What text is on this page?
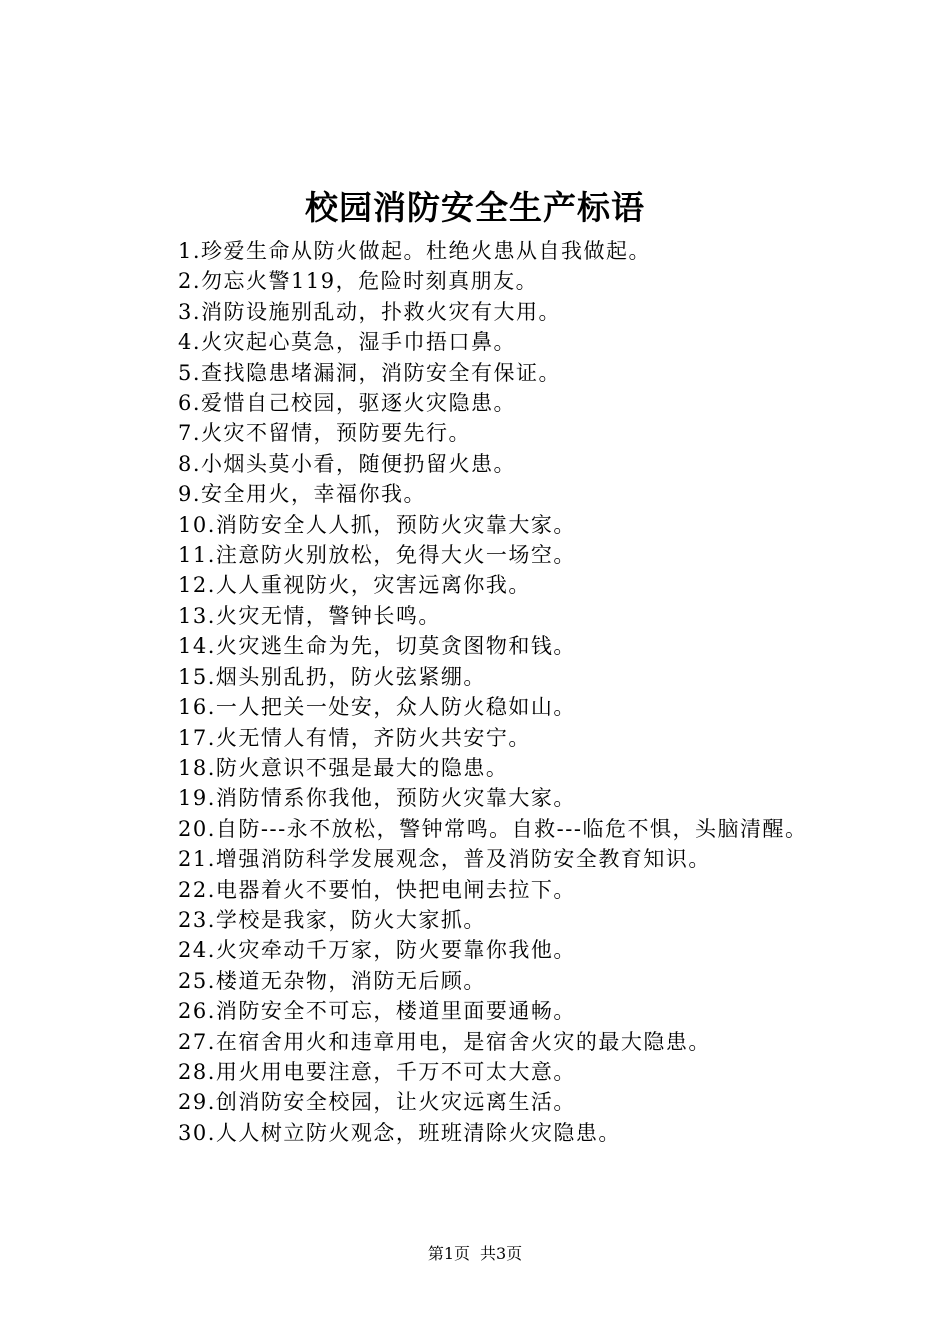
校园消防安全生产标语

1.珍爱生命从防火做起。杜绝火患从自我做起。

2.勿忘火警119，危险时刻真朋友。

3.消防设施别乱动，扑救火灾有大用。

4.火灾起心莫急，湿手巾捂口鼻。

5.查找隐患堵漏洞，消防安全有保证。

6.爱惜自己校园，驱逐火灾隐患。

7.火灾不留情，预防要先行。

8.小烟头莫小看，随便扔留火患。

9.安全用火，幸福你我。

10.消防安全人人抓，预防火灾靠大家。

11.注意防火别放松，免得大火一场空。

12.人人重视防火，灾害远离你我。

13.火灾无情，警钟长鸣。

14.火灾逃生命为先，切莫贪图物和钱。

15.烟头别乱扔，防火弦紧绷。

16.一人把关一处安，众人防火稳如山。

17.火无情人有情，齐防火共安宁。

18.防火意识不强是最大的隐患。

19.消防情系你我他，预防火灾靠大家。

20.自防---永不放松，警钟常鸣。自救---临危不惧，头脑清醒。

21.增强消防科学发展观念，普及消防安全教育知识。

22.电器着火不要怕，快把电闸去拉下。

23.学校是我家，防火大家抓。

24.火灾牵动千万家，防火要靠你我他。

25.楼道无杂物，消防无后顾。

26.消防安全不可忘，楼道里面要通畅。

27.在宿舍用火和违章用电，是宿舍火灾的最大隐患。

28.用火用电要注意，千万不可太大意。

29.创消防安全校园，让火灾远离生活。

30.人人树立防火观念，班班清除火灾隐患。

第1页 共3页
